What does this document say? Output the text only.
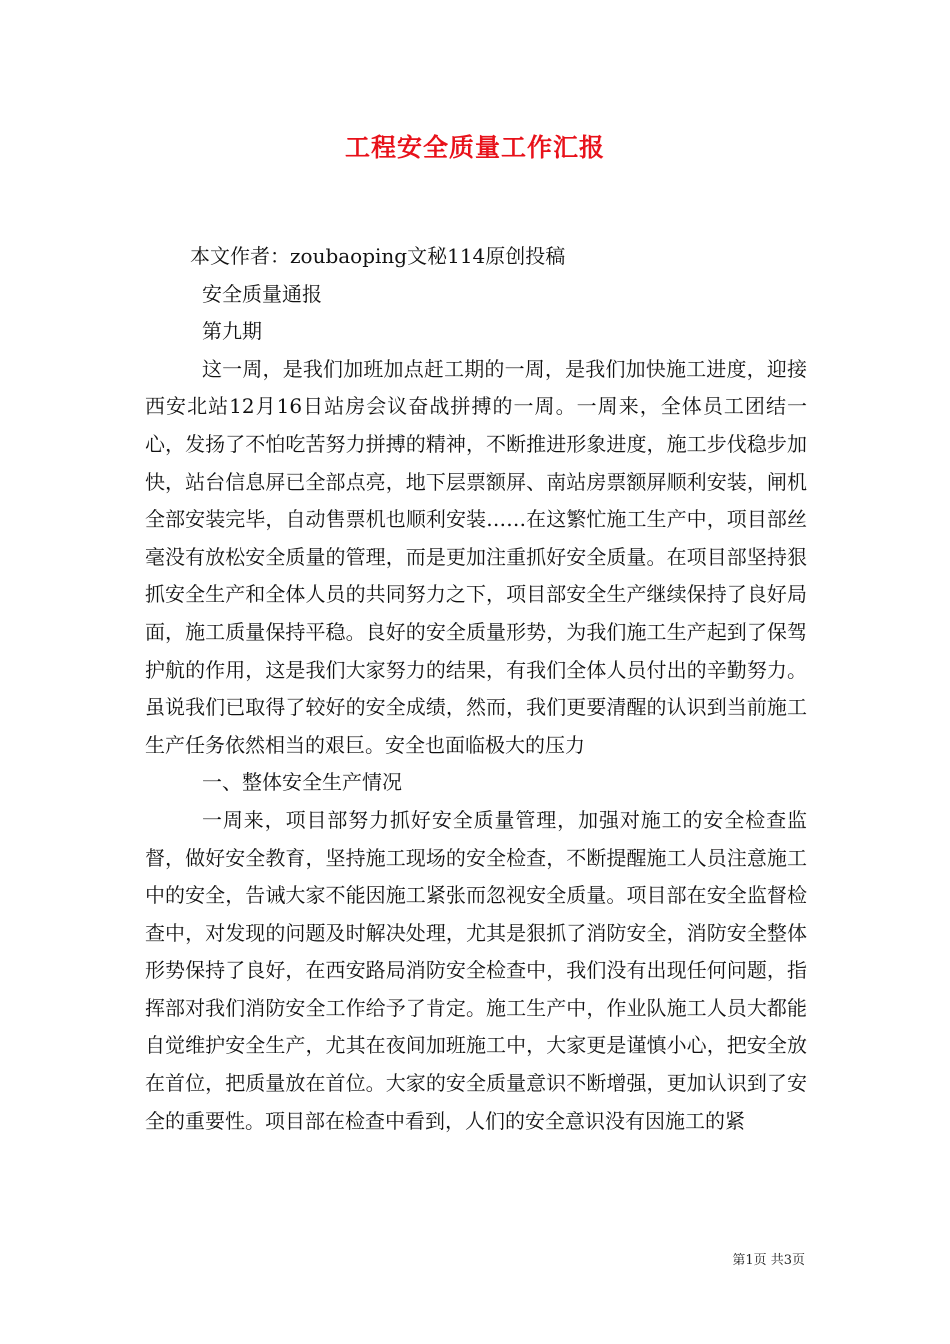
工程安全质量工作汇报

本文作者：zoubaoping文秘114原创投稿

安全质量通报

第九期

这一周，是我们加班加点赶工期的一周，是我们加快施工进度，迎接西安北站12月16日站房会议奋战拼搏的一周。一周来，全体员工团结一心，发扬了不怕吃苦努力拼搏的精神，不断推进形象进度，施工步伐稳步加快，站台信息屏已全部点亮，地下层票额屏、南站房票额屏顺利安装，闸机全部安装完毕，自动售票机也顺利安装……在这繁忙施工生产中，项目部丝毫没有放松安全质量的管理，而是更加注重抓好安全质量。在项目部坚持狠抓安全生产和全体人员的共同努力之下，项目部安全生产继续保持了良好局面，施工质量保持平稳。良好的安全质量形势，为我们施工生产起到了保驾护航的作用，这是我们大家努力的结果，有我们全体人员付出的辛勤努力。虽说我们已取得了较好的安全成绩，然而，我们更要清醒的认识到当前施工生产任务依然相当的艰巨。安全也面临极大的压力

一、整体安全生产情况

一周来，项目部努力抓好安全质量管理，加强对施工的安全检查监督，做好安全教育，坚持施工现场的安全检查，不断提醒施工人员注意施工中的安全，告诫大家不能因施工紧张而忽视安全质量。项目部在安全监督检查中，对发现的问题及时解决处理，尤其是狠抓了消防安全，消防安全整体形势保持了良好，在西安路局消防安全检查中，我们没有出现任何问题，指挥部对我们消防安全工作给予了肯定。施工生产中，作业队施工人员大都能自觉维护安全生产，尤其在夜间加班施工中，大家更是谨慎小心，把安全放在首位，把质量放在首位。大家的安全质量意识不断增强，更加认识到了安全的重要性。项目部在检查中看到，人们的安全意识没有因施工的紧

第1页 共3页
